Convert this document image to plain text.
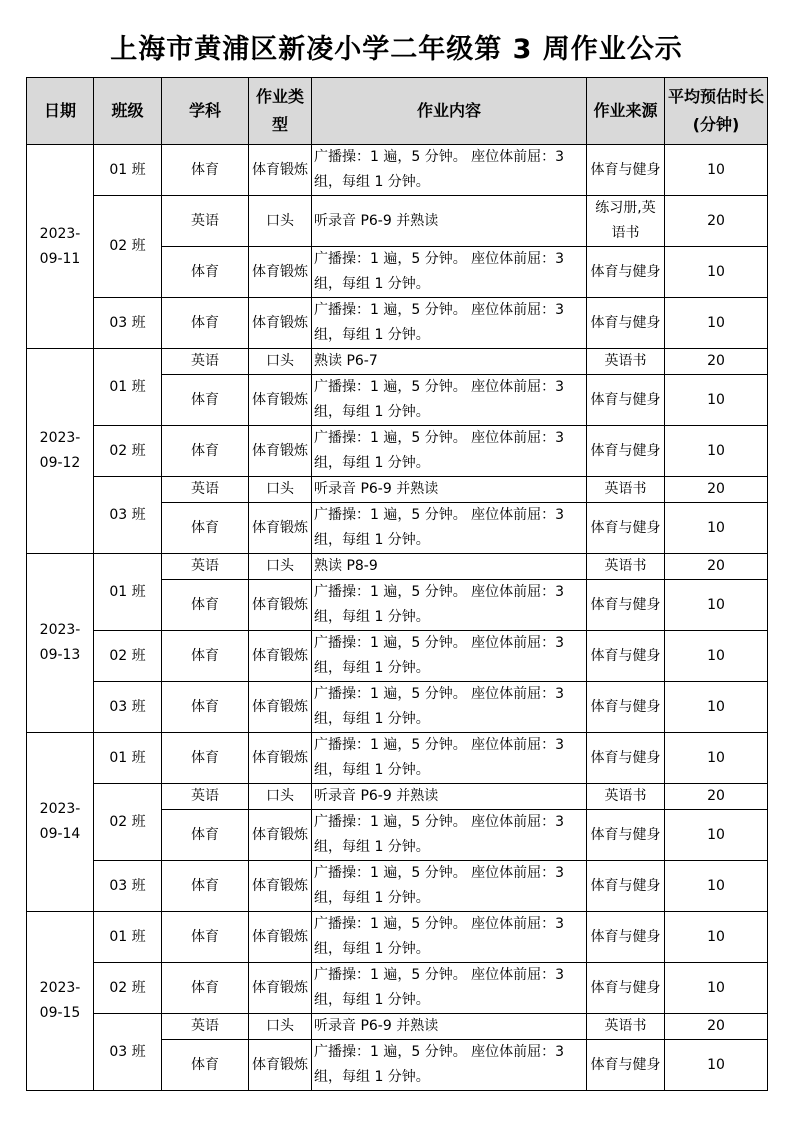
上海市黄浦区新凌小学二年级第 3 周作业公示
日期	班级	学科	作业类型	作业内容	作业来源	平均预估时长(分钟)
2023-09-11	01 班	体育	体育锻炼	广播操：1 遍，5 分钟。 座位体前屈：3 组，每组 1 分钟。	体育与健身	10
	02 班	英语	口头	听录音 P6-9 并熟读	练习册,英语书	20
		体育	体育锻炼	广播操：1 遍，5 分钟。 座位体前屈：3 组，每组 1 分钟。	体育与健身	10
	03 班	体育	体育锻炼	广播操：1 遍，5 分钟。 座位体前屈：3 组，每组 1 分钟。	体育与健身	10
2023-09-12	01 班	英语	口头	熟读 P6-7	英语书	20
		体育	体育锻炼	广播操：1 遍，5 分钟。 座位体前屈：3 组，每组 1 分钟。	体育与健身	10
	02 班	体育	体育锻炼	广播操：1 遍，5 分钟。 座位体前屈：3 组，每组 1 分钟。	体育与健身	10
	03 班	英语	口头	听录音 P6-9 并熟读	英语书	20
		体育	体育锻炼	广播操：1 遍，5 分钟。 座位体前屈：3 组，每组 1 分钟。	体育与健身	10
2023-09-13	01 班	英语	口头	熟读 P8-9	英语书	20
		体育	体育锻炼	广播操：1 遍，5 分钟。 座位体前屈：3 组，每组 1 分钟。	体育与健身	10
	02 班	体育	体育锻炼	广播操：1 遍，5 分钟。 座位体前屈：3 组，每组 1 分钟。	体育与健身	10
	03 班	体育	体育锻炼	广播操：1 遍，5 分钟。 座位体前屈：3 组，每组 1 分钟。	体育与健身	10
2023-09-14	01 班	体育	体育锻炼	广播操：1 遍，5 分钟。 座位体前屈：3 组，每组 1 分钟。	体育与健身	10
	02 班	英语	口头	听录音 P6-9 并熟读	英语书	20
		体育	体育锻炼	广播操：1 遍，5 分钟。 座位体前屈：3 组，每组 1 分钟。	体育与健身	10
	03 班	体育	体育锻炼	广播操：1 遍，5 分钟。 座位体前屈：3 组，每组 1 分钟。	体育与健身	10
2023-09-15	01 班	体育	体育锻炼	广播操：1 遍，5 分钟。 座位体前屈：3 组，每组 1 分钟。	体育与健身	10
	02 班	体育	体育锻炼	广播操：1 遍，5 分钟。 座位体前屈：3 组，每组 1 分钟。	体育与健身	10
	03 班	英语	口头	听录音 P6-9 并熟读	英语书	20
		体育	体育锻炼	广播操：1 遍，5 分钟。 座位体前屈：3 组，每组 1 分钟。	体育与健身	10
